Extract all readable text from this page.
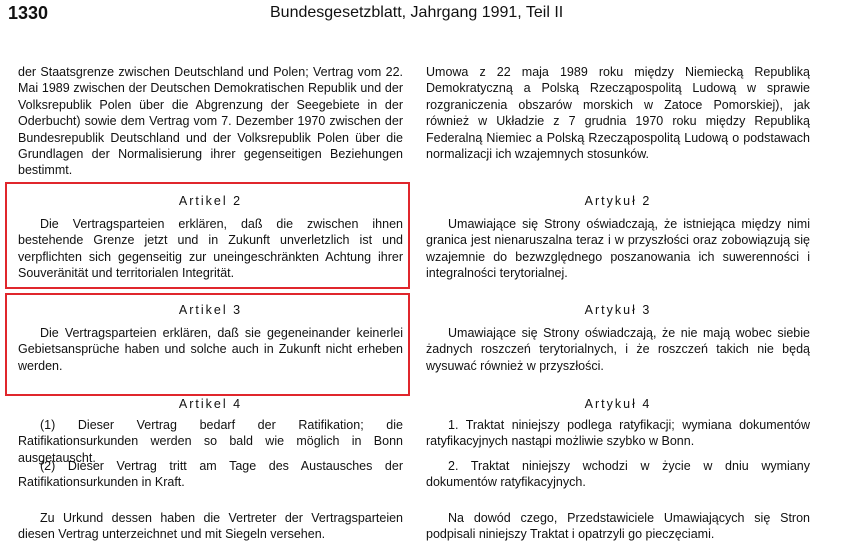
1330	Bundesgesetzblatt, Jahrgang 1991, Teil II

der Staatsgrenze zwischen Deutschland und Polen; Vertrag vom 22. Mai 1989 zwischen der Deutschen Demokratischen Republik und der Volksrepublik Polen über die Abgrenzung der Seegebiete in der Oderbucht) sowie dem Vertrag vom 7. Dezember 1970 zwischen der Bundesrepublik Deutschland und der Volksrepublik Polen über die Grundlagen der Normalisierung ihrer gegenseitigen Beziehungen bestimmt.

Artikel 2

Die Vertragsparteien erklären, daß die zwischen ihnen bestehende Grenze jetzt und in Zukunft unverletzlich ist und verpflichten sich gegenseitig zur uneingeschränkten Achtung ihrer Souveränität und territorialen Integrität.

Artikel 3

Die Vertragsparteien erklären, daß sie gegeneinander keinerlei Gebietsansprüche haben und solche auch in Zukunft nicht erheben werden.

Artikel 4

(1) Dieser Vertrag bedarf der Ratifikation; die Ratifikationsurkunden werden so bald wie möglich in Bonn ausgetauscht.

(2) Dieser Vertrag tritt am Tage des Austausches der Ratifikationsurkunden in Kraft.

Zu Urkund dessen haben die Vertreter der Vertragsparteien diesen Vertrag unterzeichnet und mit Siegeln versehen.

Umowa z 22 maja 1989 roku między Niemiecką Republiką Demokratyczną a Polską Rzecząpospolitą Ludową w sprawie rozgraniczenia obszarów morskich w Zatoce Pomorskiej), jak również w Układzie z 7 grudnia 1970 roku między Republiką Federalną Niemiec a Polską Rzecząpospolitą Ludową o podstawach normalizacji ich wzajemnych stosunków.

Artykuł 2

Umawiające się Strony oświadczają, że istniejąca między nimi granica jest nienaruszalna teraz i w przyszłości oraz zobowiązują się wzajemnie do bezwzględnego poszanowania ich suwerenności i integralności terytorialnej.

Artykuł 3

Umawiające się Strony oświadczają, że nie mają wobec siebie żadnych roszczeń terytorialnych, i że roszczeń takich nie będą wysuwać również w przyszłości.

Artykuł 4

1. Traktat niniejszy podlega ratyfikacji; wymiana dokumentów ratyfikacyjnych nastąpi możliwie szybko w Bonn.

2. Traktat niniejszy wchodzi w życie w dniu wymiany dokumentów ratyfikacyjnych.

Na dowód czego, Przedstawiciele Umawiających się Stron podpisali niniejszy Traktat i opatrzyli go pieczęciami.
